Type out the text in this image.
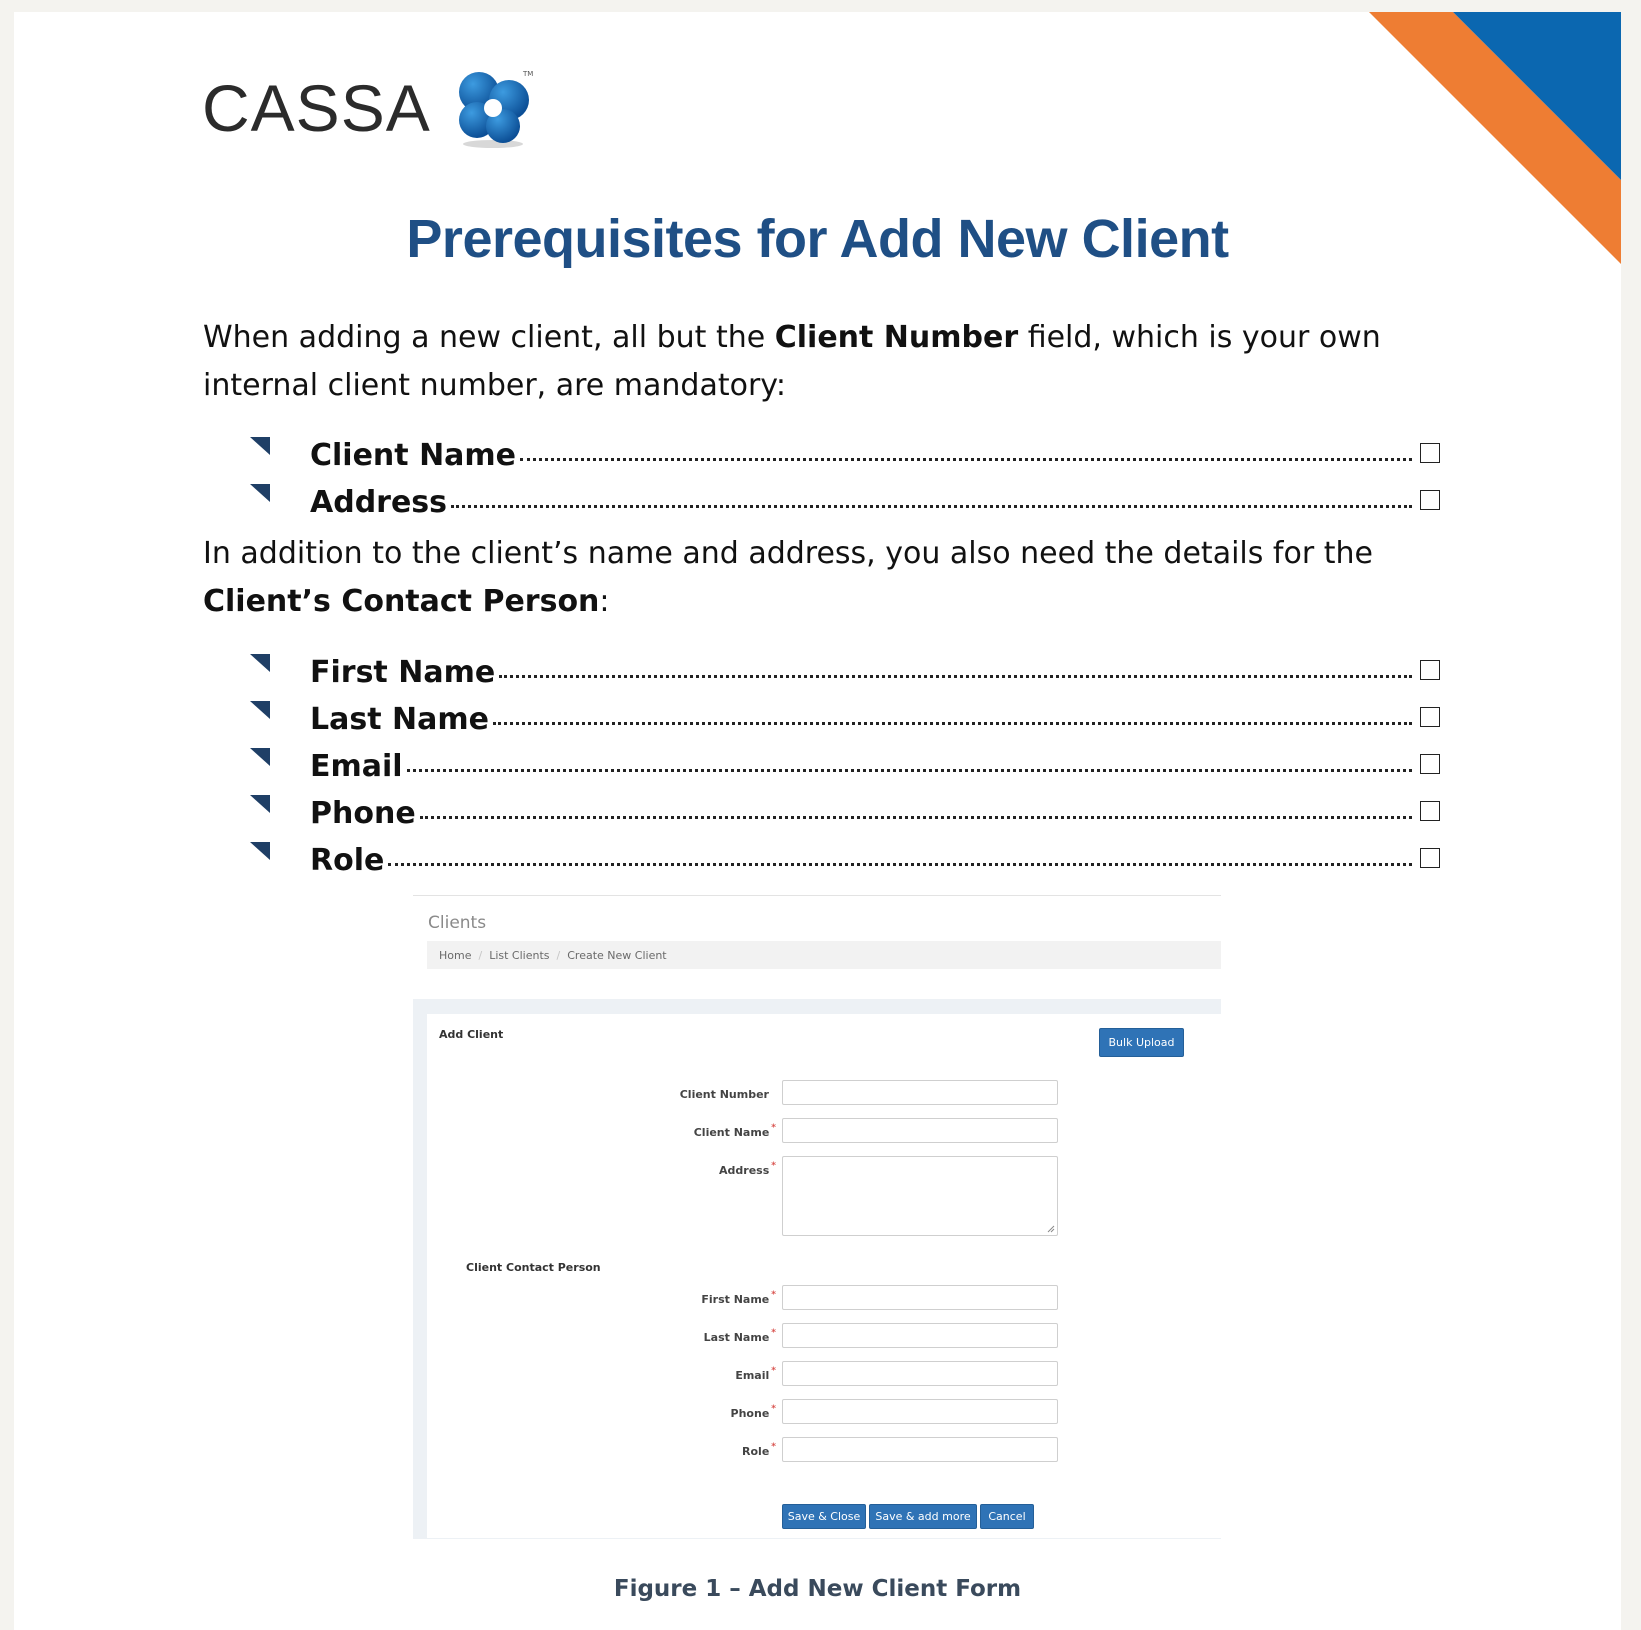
CASSA	TM
Prerequisites for Add New Client
When adding a new client, all but the Client Number field, which is your own internal client number, are mandatory:
Client Name
Address
In addition to the client’s name and address, you also need the details for the Client’s Contact Person:
First Name
Last Name
Email
Phone
Role
Clients
Home / List Clients / Create New Client
Add Client
Bulk Upload
Client Number
Client Name *
Address *
Client Contact Person
First Name *
Last Name *
Email *
Phone *
Role *
Save & Close	Save & add more	Cancel
Figure 1 – Add New Client Form
